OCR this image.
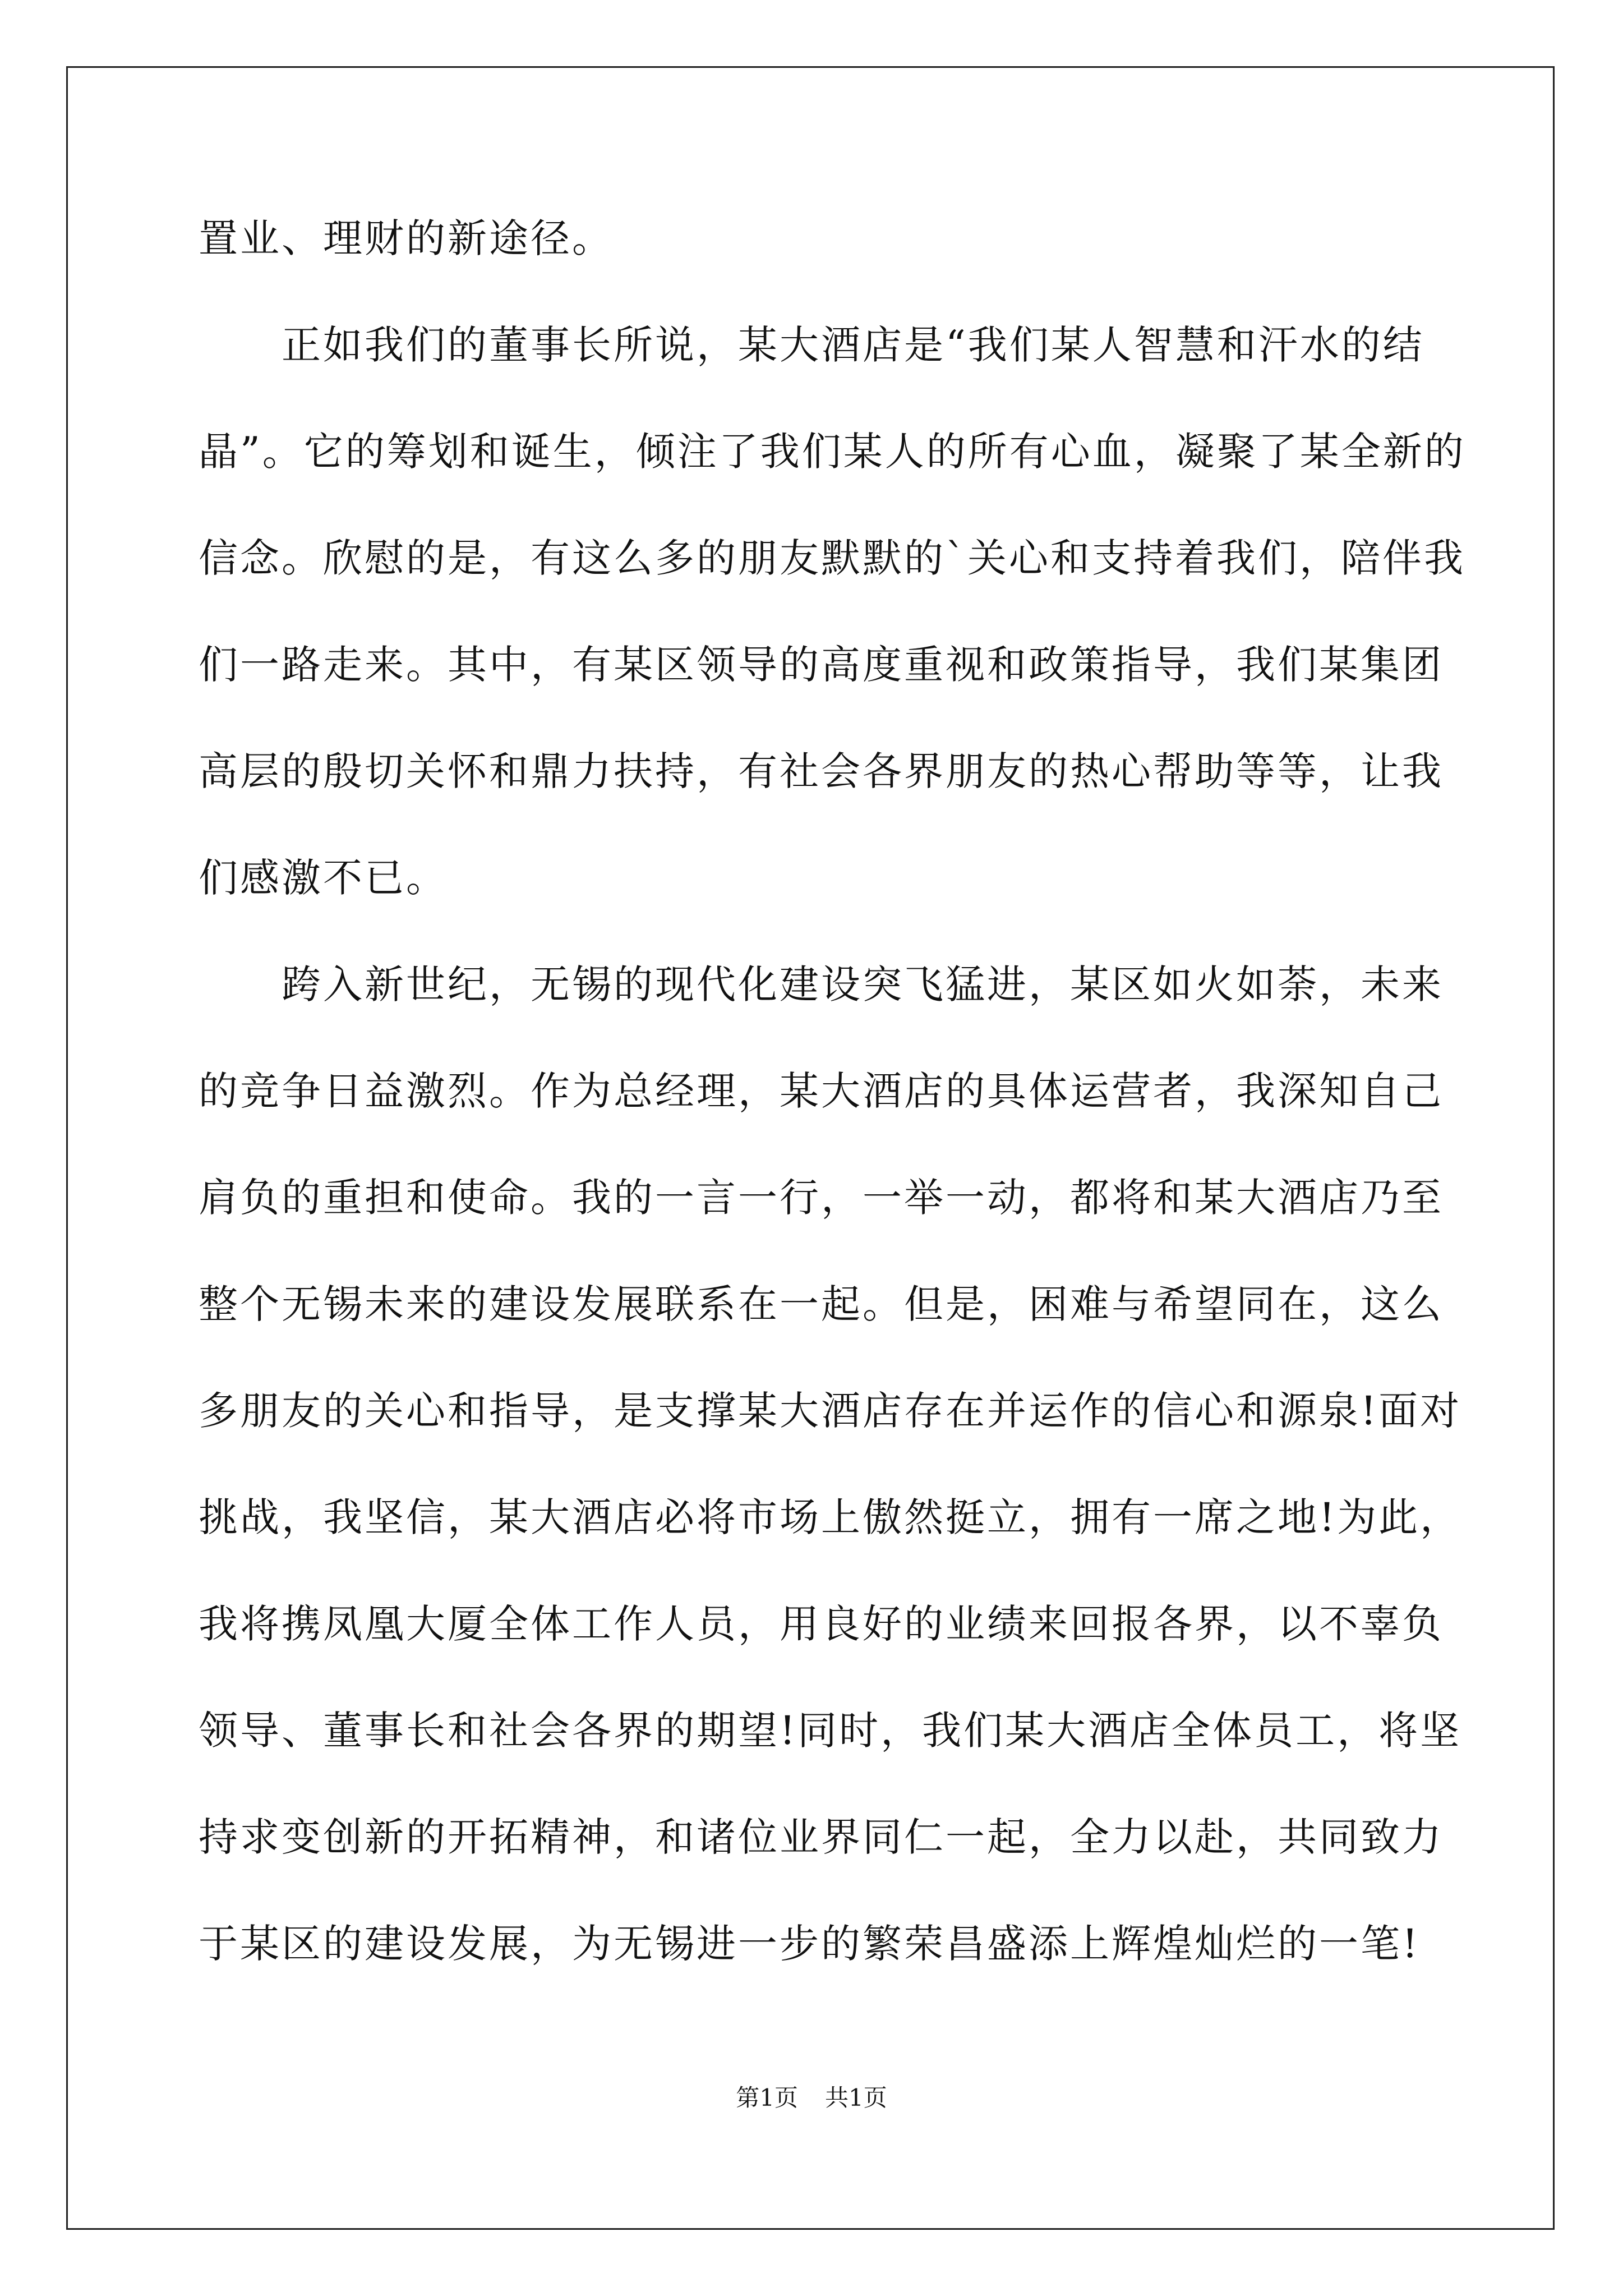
置业、理财的新途径。
正如我们的董事长所说，某大酒店是“我们某人智慧和汗水的结
晶”。它的筹划和诞生，倾注了我们某人的所有心血，凝聚了某全新的
信念。欣慰的是，有这么多的朋友默默的`关心和支持着我们，陪伴我
们一路走来。其中，有某区领导的高度重视和政策指导，我们某集团
高层的殷切关怀和鼎力扶持，有社会各界朋友的热心帮助等等，让我
们感激不已。
跨入新世纪，无锡的现代化建设突飞猛进，某区如火如荼，未来
的竞争日益激烈。作为总经理，某大酒店的具体运营者，我深知自己
肩负的重担和使命。我的一言一行，一举一动，都将和某大酒店乃至
整个无锡未来的建设发展联系在一起。但是，困难与希望同在，这么
多朋友的关心和指导，是支撑某大酒店存在并运作的信心和源泉!面对
挑战，我坚信，某大酒店必将市场上傲然挺立，拥有一席之地!为此，
我将携凤凰大厦全体工作人员，用良好的业绩来回报各界，以不辜负
领导、董事长和社会各界的期望!同时，我们某大酒店全体员工，将坚
持求变创新的开拓精神，和诸位业界同仁一起，全力以赴，共同致力
于某区的建设发展，为无锡进一步的繁荣昌盛添上辉煌灿烂的一笔!
第1页 共1页
